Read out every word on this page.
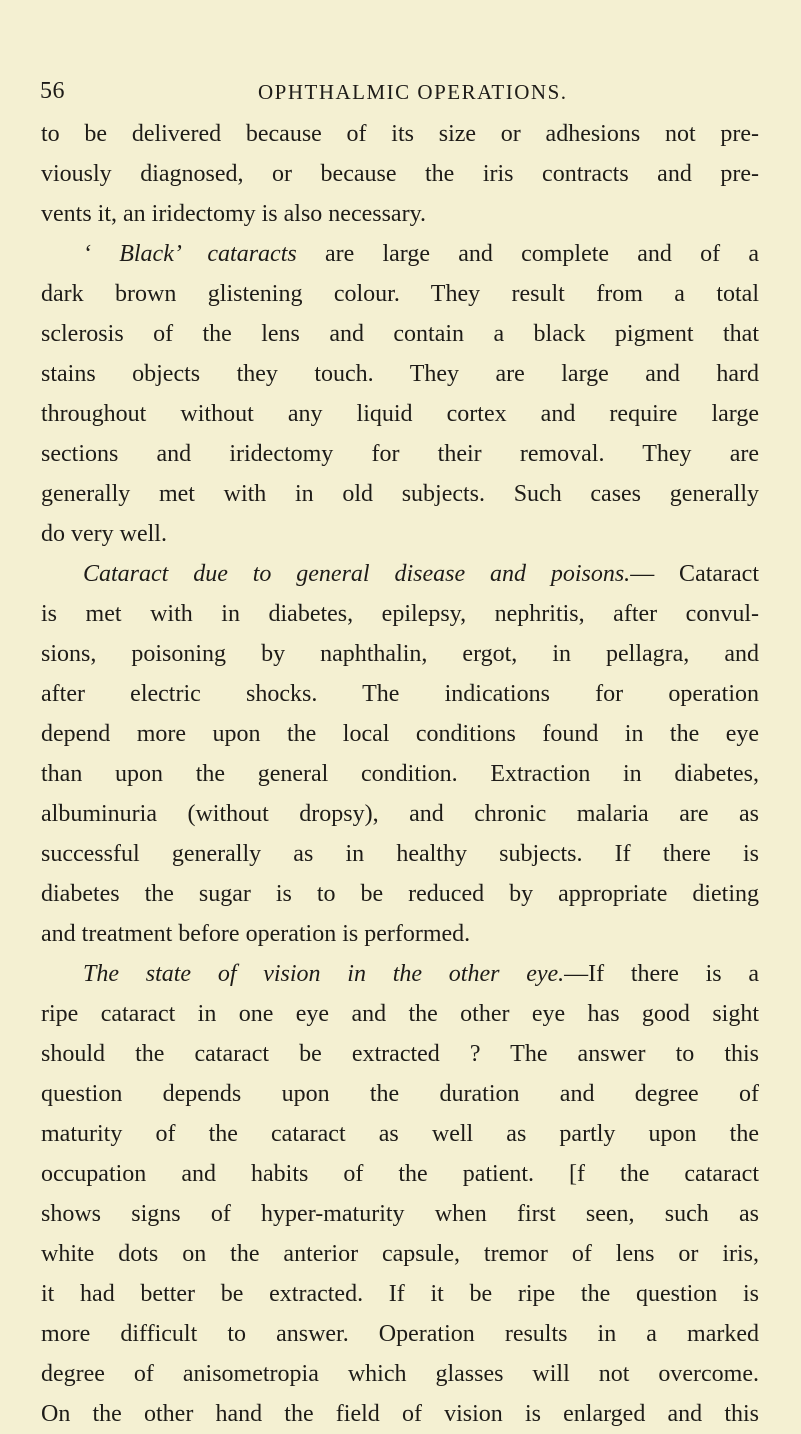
56	OPHTHALMIC OPERATIONS.
to be delivered because of its size or adhesions not pre-
viously diagnosed, or because the iris contracts and pre-
vents it, an iridectomy is also necessary.
‘ Black’ cataracts are large and complete and of a
dark brown glistening colour. They result from a total
sclerosis of the lens and contain a black pigment that
stains objects they touch. They are large and hard
throughout without any liquid cortex and require large
sections and iridectomy for their removal. They are
generally met with in old subjects. Such cases generally
do very well.
Cataract due to general disease and poisons.— Cataract
is met with in diabetes, epilepsy, nephritis, after convul-
sions, poisoning by naphthalin, ergot, in pellagra, and
after electric shocks. The indications for operation
depend more upon the local conditions found in the eye
than upon the general condition. Extraction in diabetes,
albuminuria (without dropsy), and chronic malaria are as
successful generally as in healthy subjects. If there is
diabetes the sugar is to be reduced by appropriate dieting
and treatment before operation is performed.
The state of vision in the other eye.—If there is a
ripe cataract in one eye and the other eye has good sight
should the cataract be extracted ? The answer to this
question depends upon the duration and degree of
maturity of the cataract as well as partly upon the
occupation and habits of the patient. [f the cataract
shows signs of hyper-maturity when first seen, such as
white dots on the anterior capsule, tremor of lens or iris,
it had better be extracted. If it be ripe the question is
more difficult to answer. Operation results in a marked
degree of anisometropia which glasses will not overcome.
On the other hand the field of vision is enlarged and this
